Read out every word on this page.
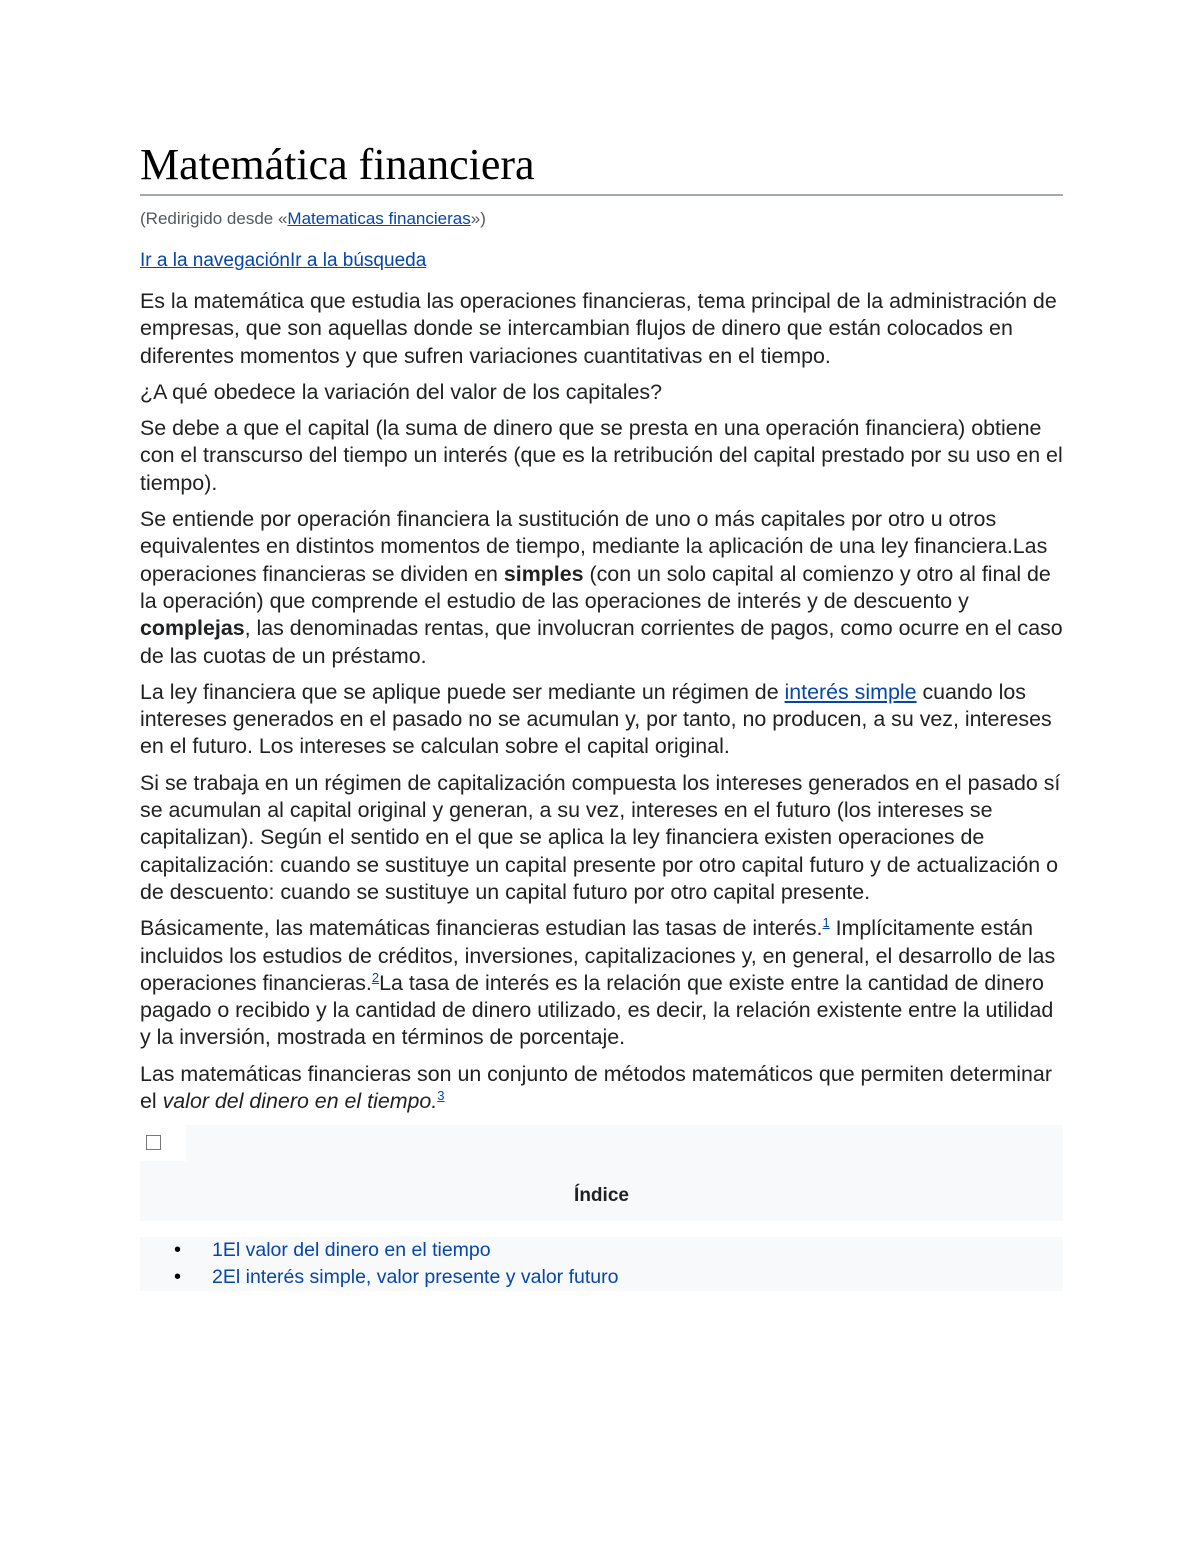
Matemática financiera
(Redirigido desde «Matematicas financieras»)
Ir a la navegaciónIr a la búsqueda

Es la matemática que estudia las operaciones financieras, tema principal de la administración de empresas, que son aquellas donde se intercambian flujos de dinero que están colocados en diferentes momentos y que sufren variaciones cuantitativas en el tiempo.

¿A qué obedece la variación del valor de los capitales?

Se debe a que el capital (la suma de dinero que se presta en una operación financiera) obtiene con el transcurso del tiempo un interés (que es la retribución del capital prestado por su uso en el tiempo).

Se entiende por operación financiera la sustitución de uno o más capitales por otro u otros equivalentes en distintos momentos de tiempo, mediante la aplicación de una ley financiera.Las operaciones financieras se dividen en simples (con un solo capital al comienzo y otro al final de la operación) que comprende el estudio de las operaciones de interés y de descuento y complejas, las denominadas rentas, que involucran corrientes de pagos, como ocurre en el caso de las cuotas de un préstamo.

La ley financiera que se aplique puede ser mediante un régimen de interés simple cuando los intereses generados en el pasado no se acumulan y, por tanto, no producen, a su vez, intereses en el futuro. Los intereses se calculan sobre el capital original.

Si se trabaja en un régimen de capitalización compuesta los intereses generados en el pasado sí se acumulan al capital original y generan, a su vez, intereses en el futuro (los intereses se capitalizan). Según el sentido en el que se aplica la ley financiera existen operaciones de capitalización: cuando se sustituye un capital presente por otro capital futuro y de actualización o de descuento: cuando se sustituye un capital futuro por otro capital presente.

Básicamente, las matemáticas financieras estudian las tasas de interés.$^1$ Implícitamente están incluidos los estudios de créditos, inversiones, capitalizaciones y, en general, el desarrollo de las operaciones financieras.$^2$La tasa de interés es la relación que existe entre la cantidad de dinero pagado o recibido y la cantidad de dinero utilizado, es decir, la relación existente entre la utilidad y la inversión, mostrada en términos de porcentaje.

Las matemáticas financieras son un conjunto de métodos matemáticos que permiten determinar el valor del dinero en el tiempo.$^3$

Índice
• 1El valor del dinero en el tiempo
• 2El interés simple, valor presente y valor futuro
